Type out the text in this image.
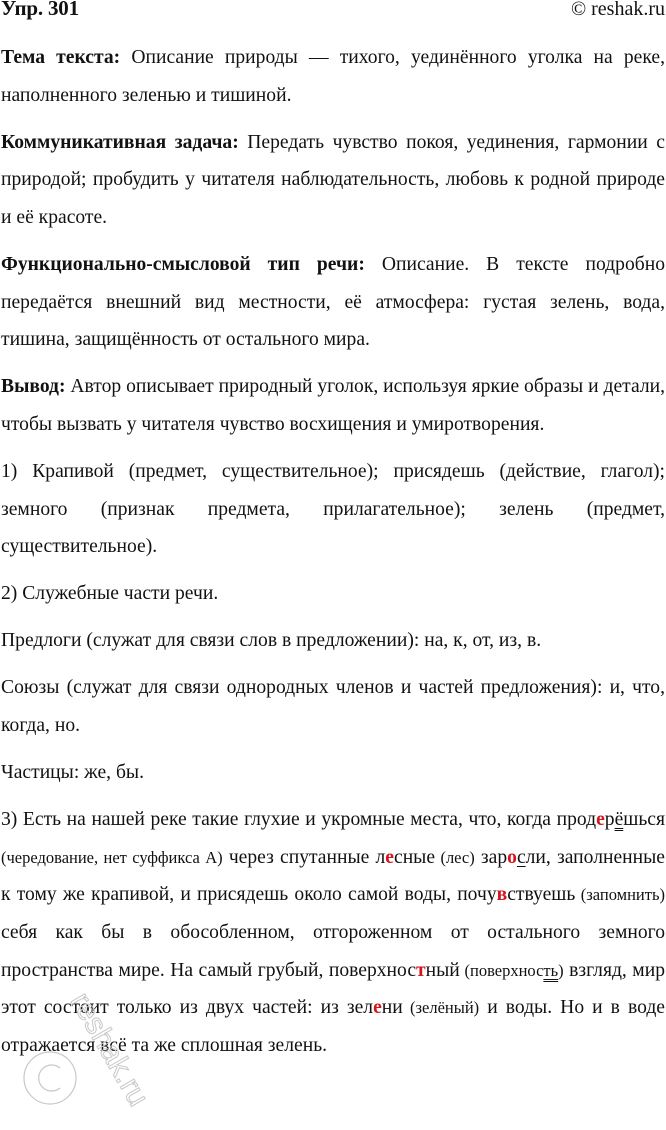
Упр. 301	© reshak.ru

Тема текста: Описание природы — тихого, уединённого уголка на реке, наполненного зеленью и тишиной.

Коммуникативная задача: Передать чувство покоя, уединения, гармонии с природой; пробудить у читателя наблюдательность, любовь к родной природе и её красоте.

Функционально-смысловой тип речи: Описание. В тексте подробно передаётся внешний вид местности, её атмосфера: густая зелень, вода, тишина, защищённость от остального мира.

Вывод: Автор описывает природный уголок, используя яркие образы и детали, чтобы вызвать у читателя чувство восхищения и умиротворения.

1) Крапивой (предмет, существительное); присядешь (действие, глагол); земного (признак предмета, прилагательное); зелень (предмет, существительное).

2) Служебные части речи.

Предлоги (служат для связи слов в предложении): на, к, от, из, в.

Союзы (служат для связи однородных членов и частей предложения): и, что, когда, но.

Частицы: же, бы.

3) Есть на нашей реке такие глухие и укромные места, что, когда продерёшься (чередование, нет суффикса А) через спутанные лесные (лес) заросли, заполненные к тому же крапивой, и присядешь около самой воды, почувствуешь (запомнить) себя как бы в обособленном, отгороженном от остального земного пространства мире. На самый грубый, поверхностный (поверхность) взгляд, мир этот состоит только из двух частей: из зелени (зелёный) и воды. Но и в воде отражается всё та же сплошная зелень.

reshak.ru
